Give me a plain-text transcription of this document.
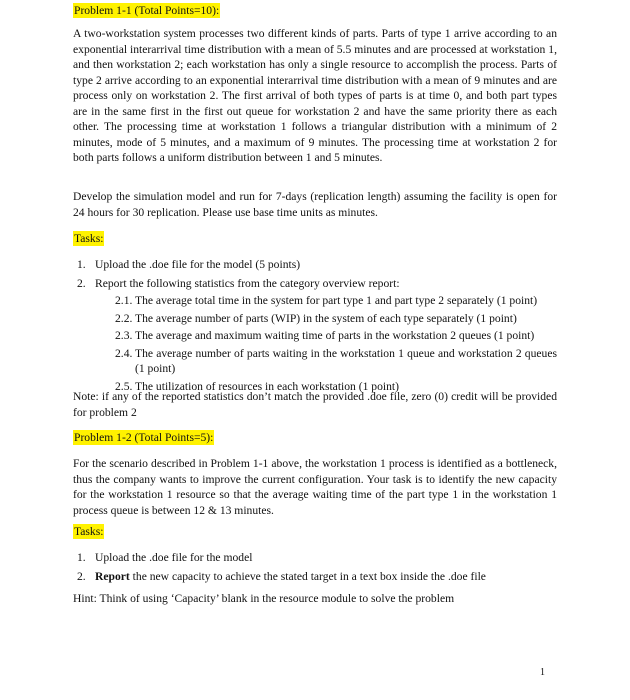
Problem 1-1 (Total Points=10):
A two-workstation system processes two different kinds of parts. Parts of type 1 arrive according to an exponential interarrival time distribution with a mean of 5.5 minutes and are processed at workstation 1, and then workstation 2; each workstation has only a single resource to accomplish the process. Parts of type 2 arrive according to an exponential interarrival time distribution with a mean of 9 minutes and are process only on workstation 2. The first arrival of both types of parts is at time 0, and both part types are in the same first in the first out queue for workstation 2 and have the same priority there as each other. The processing time at workstation 1 follows a triangular distribution with a minimum of 2 minutes, mode of 5 minutes, and a maximum of 9 minutes. The processing time at workstation 2 for both parts follows a uniform distribution between 1 and 5 minutes.
Develop the simulation model and run for 7-days (replication length) assuming the facility is open for 24 hours for 30 replication. Please use base time units as minutes.
Tasks:
1. Upload the .doe file for the model (5 points)
2. Report the following statistics from the category overview report:
2.1. The average total time in the system for part type 1 and part type 2 separately (1 point)
2.2. The average number of parts (WIP) in the system of each type separately (1 point)
2.3. The average and maximum waiting time of parts in the workstation 2 queues (1 point)
2.4. The average number of parts waiting in the workstation 1 queue and workstation 2 queues (1 point)
2.5. The utilization of resources in each workstation (1 point)
Note: if any of the reported statistics don’t match the provided .doe file, zero (0) credit will be provided for problem 2
Problem 1-2 (Total Points=5):
For the scenario described in Problem 1-1 above, the workstation 1 process is identified as a bottleneck, thus the company wants to improve the current configuration. Your task is to identify the new capacity for the workstation 1 resource so that the average waiting time of the part type 1 in the workstation 1 process queue is between 12 & 13 minutes.
Tasks:
1. Upload the .doe file for the model
2. Report the new capacity to achieve the stated target in a text box inside the .doe file
Hint: Think of using ‘Capacity’ blank in the resource module to solve the problem
1
